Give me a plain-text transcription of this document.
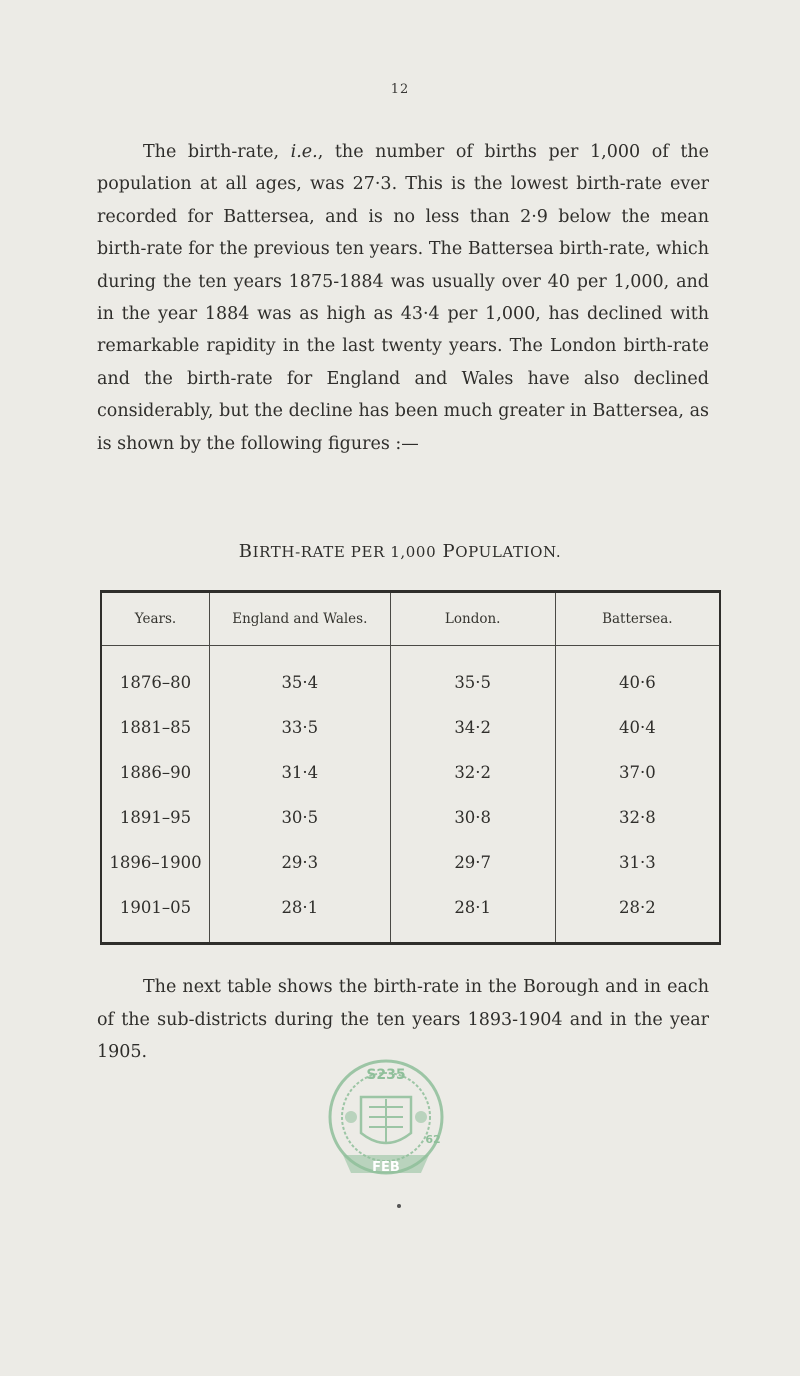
12

The birth-rate, i.e., the number of births per 1,000 of the population at all ages, was 27·3. This is the lowest birth-rate ever recorded for Battersea, and is no less than 2·9 below the mean birth-rate for the previous ten years. The Battersea birth-rate, which during the ten years 1875-1884 was usually over 40 per 1,000, and in the year 1884 was as high as 43·4 per 1,000, has declined with remarkable rapidity in the last twenty years. The London birth-rate and the birth-rate for England and Wales have also declined considerably, but the decline has been much greater in Battersea, as is shown by the following figures :—

BIRTH-RATE PER 1,000 POPULATION.
Years.	England and Wales.	London.	Battersea.
1876–80	35·4	35·5	40·6
1881–85	33·5	34·2	40·4
1886–90	31·4	32·2	37·0
1891–95	30·5	30·8	32·8
1896–1900	29·3	29·7	31·3
1901–05	28·1	28·1	28·2

The next table shows the birth-rate in the Borough and in each of the sub-districts during the ten years 1893-1904 and in the year 1905.

S235
62
FEB
